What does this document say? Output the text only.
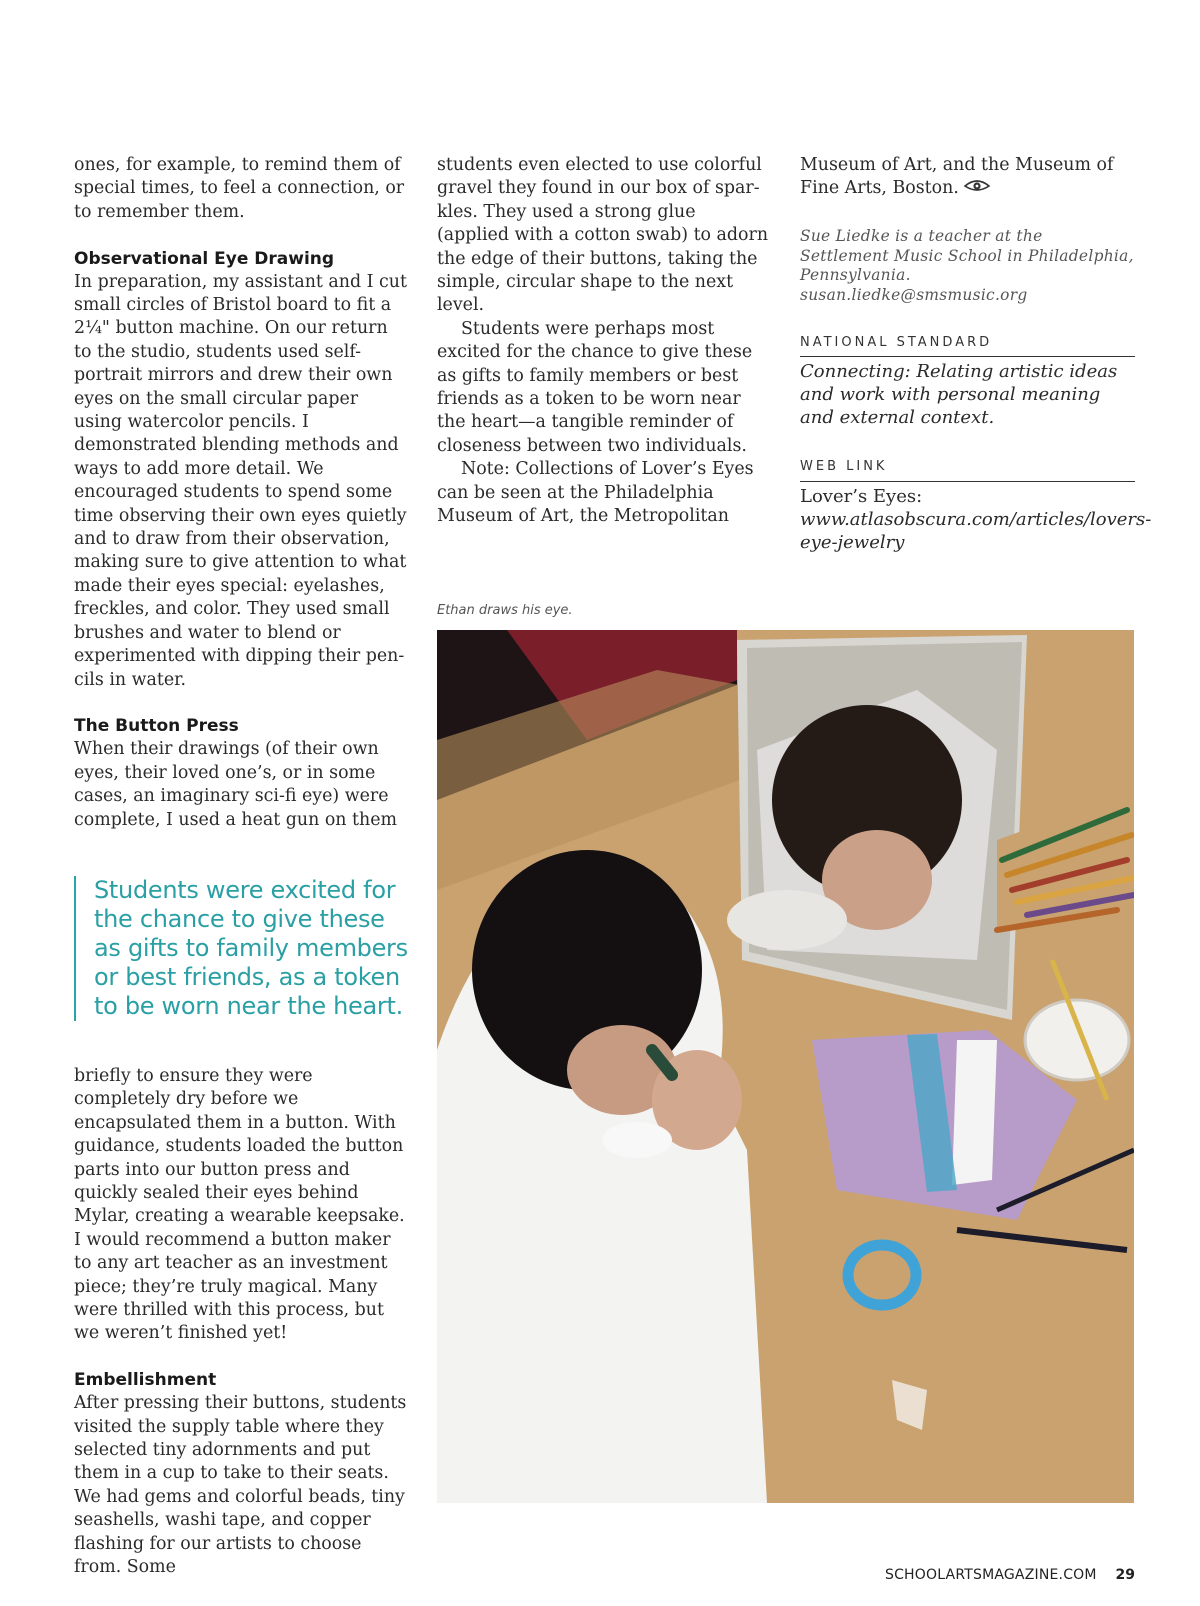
ones, for example, to remind them of special times, to feel a connection, or to remember them.

Observational Eye Drawing

In preparation, my assistant and I cut small circles of Bristol board to fit a 2¼" button machine. On our return to the studio, students used self-portrait mirrors and drew their own eyes on the small circular paper using watercolor pencils. I demonstrated blending methods and ways to add more detail. We encouraged students to spend some time observing their own eyes quietly and to draw from their observation, making sure to give attention to what made their eyes special: eyelashes, freckles, and color. They used small brushes and water to blend or experimented with dipping their pencils in water.

The Button Press

When their drawings (of their own eyes, their loved one’s, or in some cases, an imaginary sci-fi eye) were complete, I used a heat gun on them

Students were excited for the chance to give these as gifts to family members or best friends, as a token to be worn near the heart.

briefly to ensure they were completely dry before we encapsulated them in a button. With guidance, students loaded the button parts into our button press and quickly sealed their eyes behind Mylar, creating a wearable keepsake. I would recommend a button maker to any art teacher as an investment piece; they’re truly magical. Many were thrilled with this process, but we weren’t finished yet!

Embellishment

After pressing their buttons, students visited the supply table where they selected tiny adornments and put them in a cup to take to their seats. We had gems and colorful beads, tiny seashells, washi tape, and copper flashing for our artists to choose from. Some

students even elected to use colorful gravel they found in our box of sparkles. They used a strong glue (applied with a cotton swab) to adorn the edge of their buttons, taking the simple, circular shape to the next level.

Students were perhaps most excited for the chance to give these as gifts to family members or best friends as a token to be worn near the heart—a tangible reminder of closeness between two individuals.

Note: Collections of Lover’s Eyes can be seen at the Philadelphia Museum of Art, the Metropolitan

Museum of Art, and the Museum of Fine Arts, Boston.

Sue Liedke is a teacher at the Settlement Music School in Philadelphia, Pennsylvania. susan.liedke@smsmusic.org

NATIONAL STANDARD

Connecting: Relating artistic ideas and work with personal meaning and external context.

WEB LINK

Lover’s Eyes: www.atlasobscura.com/articles/lovers-eye-jewelry

Ethan draws his eye.
SCHOOLARTSMAGAZINE.COM 29
